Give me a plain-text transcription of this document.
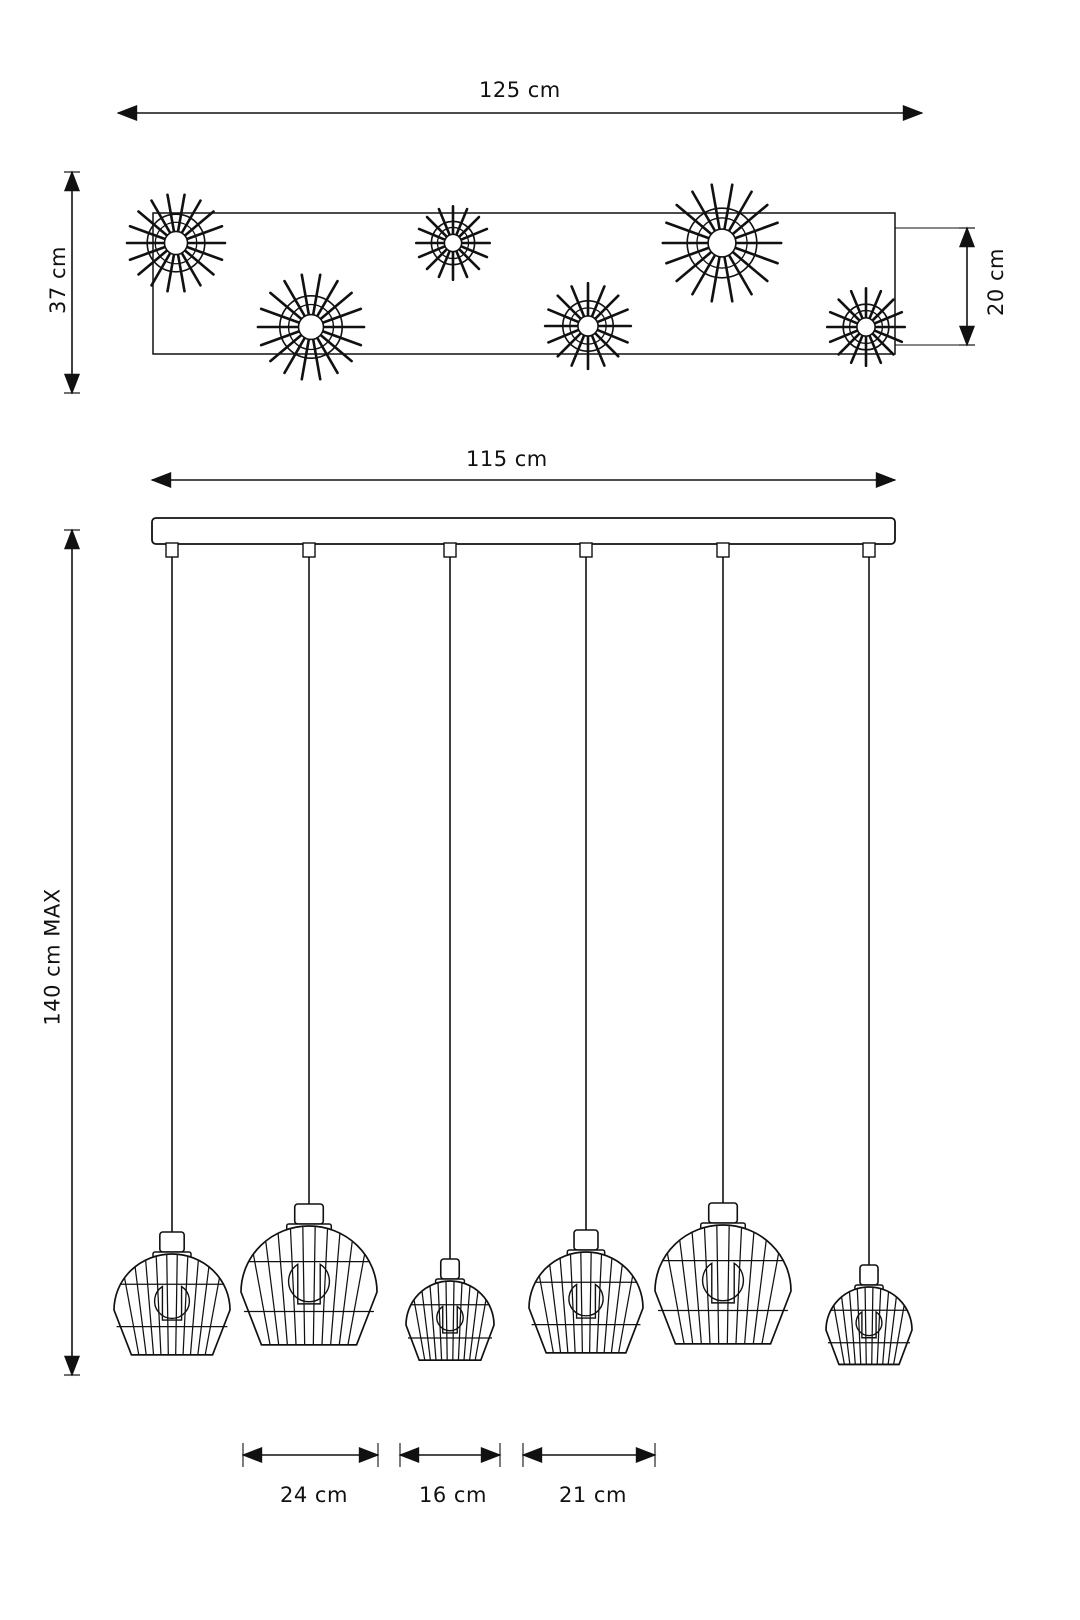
125 cm
37 cm	20 cm
115 cm
140 cm MAX
24 cm	16 cm	21 cm
